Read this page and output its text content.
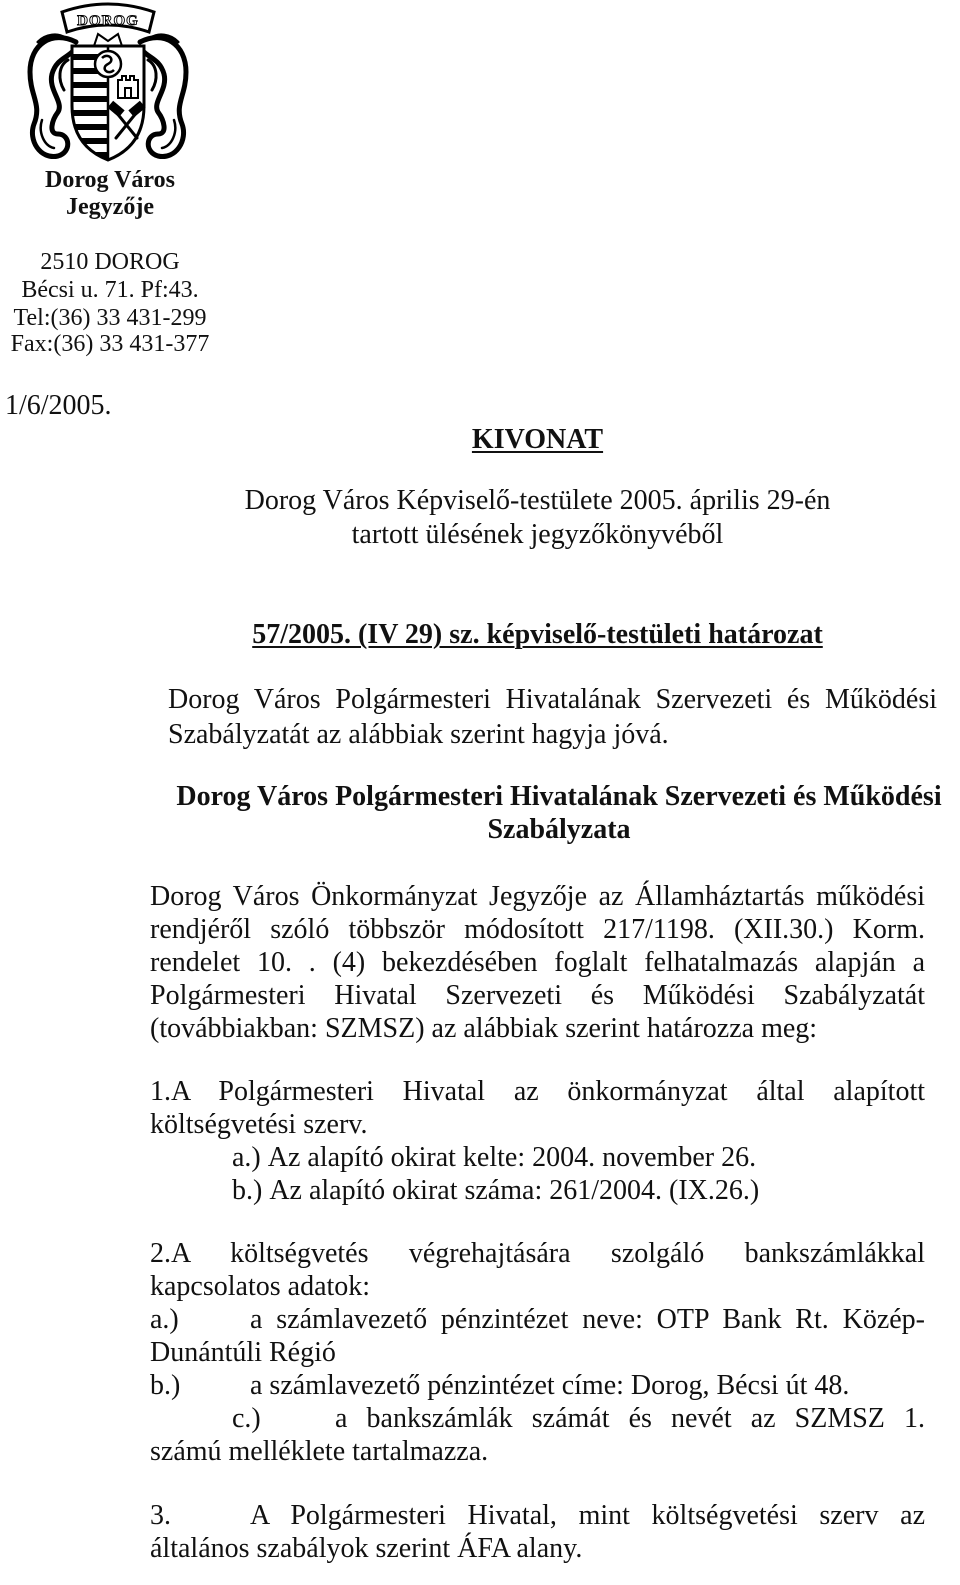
DOROG
Dorog Város
Jegyzője
2510 DOROG
Bécsi u. 71. Pf:43.
Tel:(36) 33 431-299
Fax:(36) 33 431-377
1/6/2005.
KIVONAT
Dorog Város Képviselő-testülete 2005. április 29-én
tartott ülésének jegyzőkönyvéből
57/2005. (IV 29) sz. képviselő-testületi határozat
Dorog Város Polgármesteri Hivatalának Szervezeti és Működési
Szabályzatát az alábbiak szerint hagyja jóvá.
Dorog Város Polgármesteri Hivatalának Szervezeti és Működési
Szabályzata
Dorog Város Önkormányzat Jegyzője az Államháztartás működési
rendjéről szóló többször módosított 217/1198. (XII.30.) Korm.
rendelet 10. . (4) bekezdésében foglalt felhatalmazás alapján a
Polgármesteri Hivatal Szervezeti és Működési Szabályzatát
(továbbiakban: SZMSZ) az alábbiak szerint határozza meg:
1.A Polgármesteri Hivatal az önkormányzat által alapított
költségvetési szerv.
a.) Az alapító okirat kelte: 2004. november 26.
b.) Az alapító okirat száma: 261/2004. (IX.26.)
2.A költségvetés végrehajtására szolgáló bankszámlákkal
kapcsolatos adatok:
a.)	a számlavezető pénzintézet neve: OTP Bank Rt. Közép-
Dunántúli Régió
b.)	a számlavezető pénzintézet címe: Dorog, Bécsi út 48.
c.)	a bankszámlák számát és nevét az SZMSZ 1.
számú melléklete tartalmazza.
3.	A Polgármesteri Hivatal, mint költségvetési szerv az
általános szabályok szerint ÁFA alany.
